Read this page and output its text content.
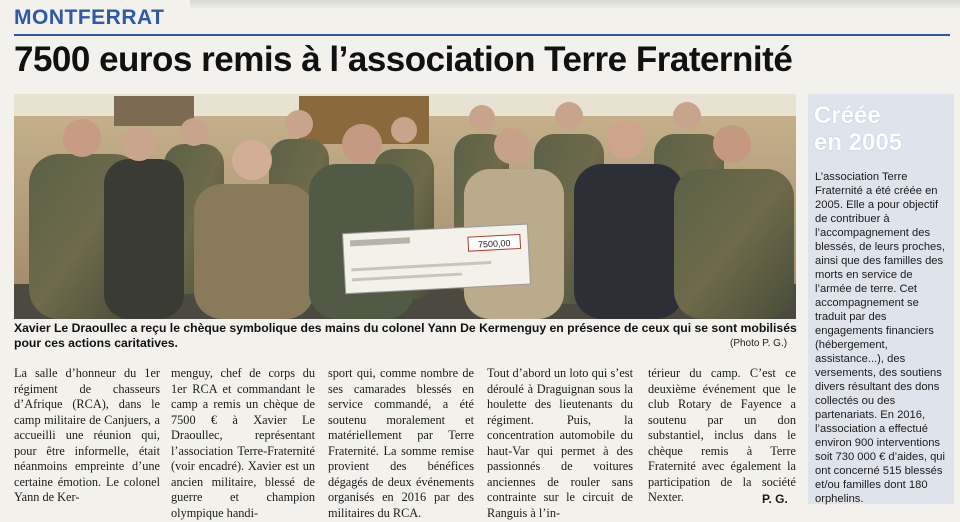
MONTFERRAT
7500 euros remis à l’association Terre Fraternité
7500,00
Xavier Le Draoullec a reçu le chèque symbolique des mains du colonel Yann De Kermenguy en présence de ceux qui se sont mobilisés pour ces actions caritatives.	(Photo P. G.)

La salle d’honneur du 1er régiment de chasseurs d’Afrique (RCA), dans le camp militaire de Canjuers, a accueilli une réunion qui, pour être informelle, était néanmoins empreinte d’une certaine émotion. Le colonel Yann de Ker-

menguy, chef de corps du 1er RCA et commandant le camp a remis un chèque de 7500 € à Xavier Le Draoullec, représentant l’association Terre-Fraternité (voir encadré). Xavier est un ancien militaire, blessé de guerre et champion olympique handi-

sport qui, comme nombre de ses camarades blessés en service commandé, a été soutenu moralement et matériellement par Terre Fraternité. La somme remise provient des bénéfices dégagés de deux événements organisés en 2016 par des militaires du RCA.

Tout d’abord un loto qui s’est déroulé à Draguignan sous la houlette des lieutenants du régiment. Puis, la concentration automobile du haut-Var qui permet à des passionnés de voitures anciennes de rouler sans contrainte sur le circuit de Ranguis à l’in-

térieur du camp. C’est ce deuxième événement que le club Rotary de Fayence a soutenu par un don substantiel, inclus dans le chèque remis à Terre Fraternité avec également la participation de la société Nexter.	P. G.
Créée
en 2005
L’association Terre Fraternité a été créée en 2005. Elle a pour objectif de contribuer à l’accompagnement des blessés, de leurs proches, ainsi que des familles des morts en service de l’armée de terre. Cet accompagnement se traduit par des engagements financiers (hébergement, assistance...), des versements, des soutiens divers résultant des dons collectés ou des partenariats. En 2016, l’association a effectué environ 900 interventions soit 730 000 € d’aides, qui ont concerné 515 blessés et/ou familles dont 180 orphelins.
